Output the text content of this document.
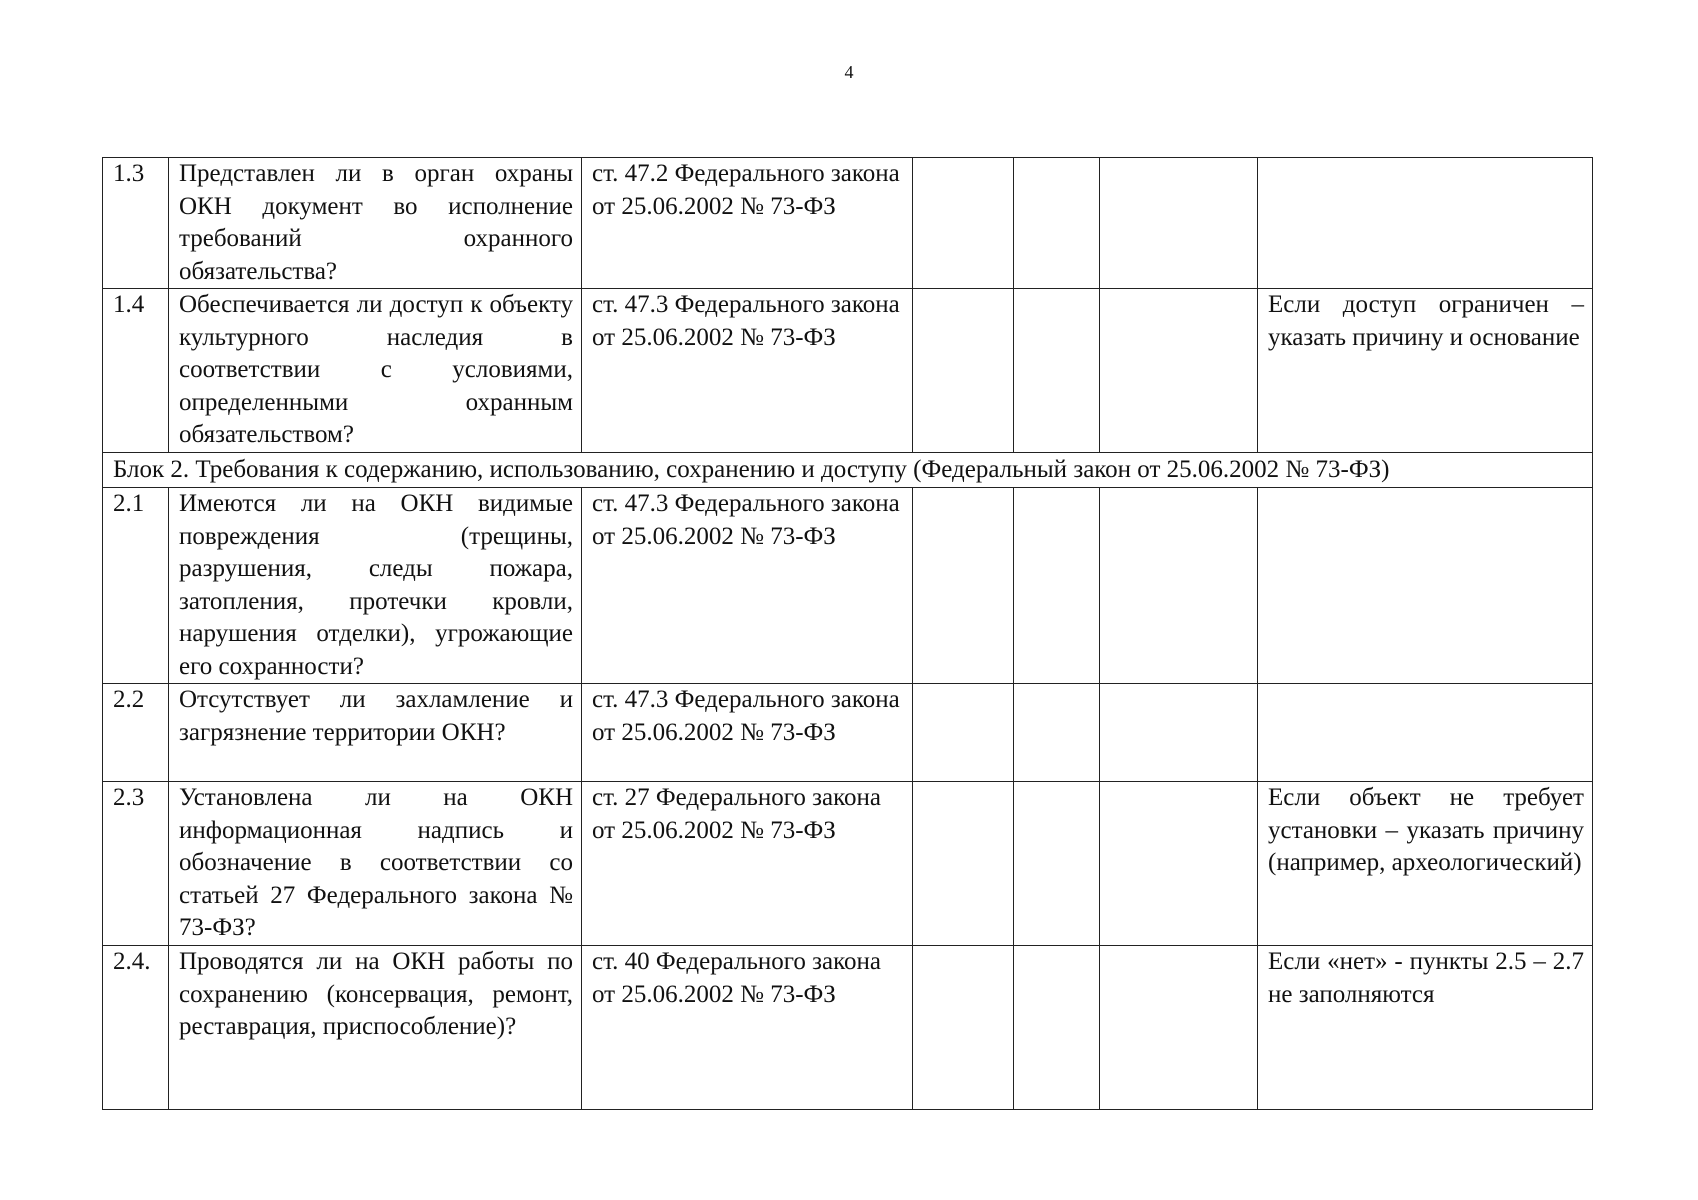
4
1.3	Представлен ли в орган охраны ОКН документ во исполнение требований охранного обязательства?	ст. 47.2 Федерального закона от 25.06.2002 № 73-ФЗ				
1.4	Обеспечивается ли доступ к объекту культурного наследия в соответствии с условиями, определенными охранным обязательством?	ст. 47.3 Федерального закона от 25.06.2002 № 73-ФЗ				Если доступ ограничен – указать причину и основание
Блок 2. Требования к содержанию, использованию, сохранению и доступу (Федеральный закон от 25.06.2002 № 73-ФЗ)						
2.1	Имеются ли на ОКН видимые повреждения (трещины, разрушения, следы пожара, затопления, протечки кровли, нарушения отделки), угрожающие его сохранности?	ст. 47.3 Федерального закона от 25.06.2002 № 73-ФЗ				
2.2	Отсутствует ли захламление и загрязнение территории ОКН?	ст. 47.3 Федерального закона от 25.06.2002 № 73-ФЗ				
2.3	Установлена ли на ОКН информационная надпись и обозначение в соответствии со статьей 27 Федерального закона № 73-ФЗ?	ст. 27 Федерального закона от 25.06.2002 № 73-ФЗ				Если объект не требует установки – указать причину (например, археологический)
2.4.	Проводятся ли на ОКН работы по сохранению (консервация, ремонт, реставрация, приспособление)?	ст. 40 Федерального закона от 25.06.2002 № 73-ФЗ				Если «нет» - пункты 2.5 – 2.7 не заполняются
